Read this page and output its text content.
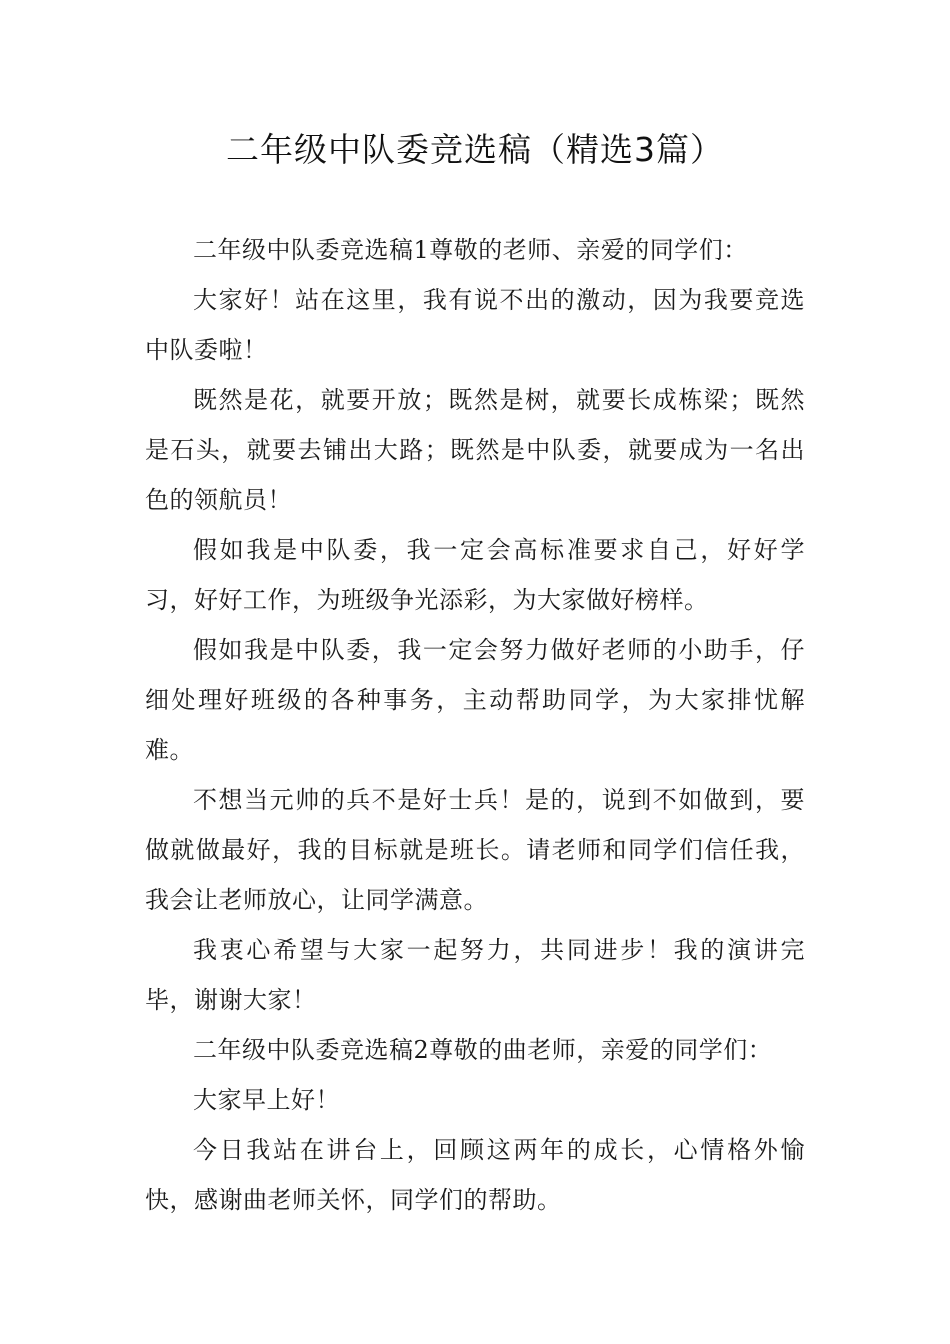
二年级中队委竞选稿（精选3篇）

二年级中队委竞选稿1尊敬的老师、亲爱的同学们：

大家好！站在这里，我有说不出的激动，因为我要竞选中队委啦！

既然是花，就要开放；既然是树，就要长成栋梁；既然是石头，就要去铺出大路；既然是中队委，就要成为一名出色的领航员！

假如我是中队委，我一定会高标准要求自己，好好学习，好好工作，为班级争光添彩，为大家做好榜样。

假如我是中队委，我一定会努力做好老师的小助手，仔细处理好班级的各种事务，主动帮助同学，为大家排忧解难。

不想当元帅的兵不是好士兵！是的，说到不如做到，要做就做最好，我的目标就是班长。请老师和同学们信任我，我会让老师放心，让同学满意。

我衷心希望与大家一起努力，共同进步！我的演讲完毕，谢谢大家！

二年级中队委竞选稿2尊敬的曲老师，亲爱的同学们：

大家早上好！

今日我站在讲台上，回顾这两年的成长，心情格外愉快，感谢曲老师关怀，同学们的帮助。
